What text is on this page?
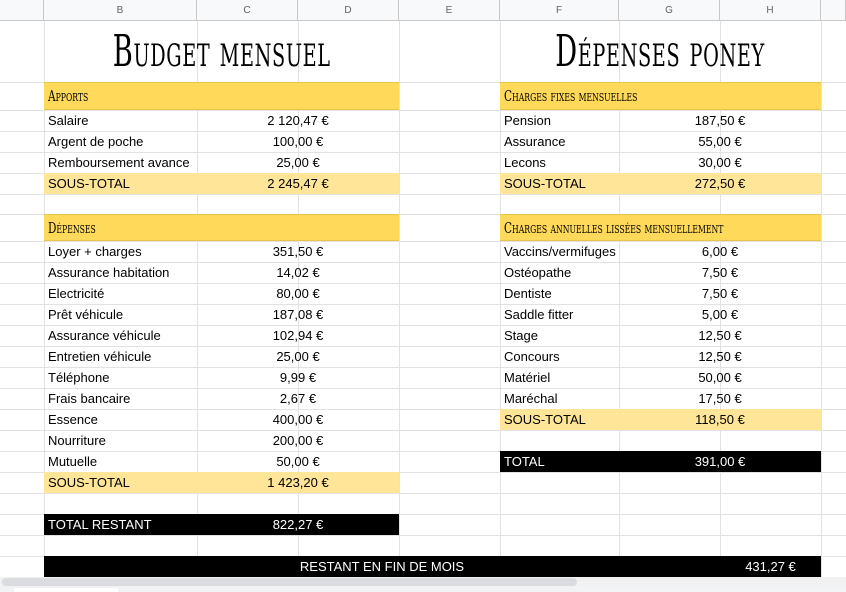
B	C	D	E	F	G	H
Budget mensuel
Apports
Salaire	2 120,47 €
Argent de poche	100,00 €
Remboursement avance	25,00 €
SOUS-TOTAL	2 245,47 €
Dépenses
Loyer + charges	351,50 €
Assurance habitation	14,02 €
Electricité	80,00 €
Prêt véhicule	187,08 €
Assurance véhicule	102,94 €
Entretien véhicule	25,00 €
Téléphone	9,99 €
Frais bancaire	2,67 €
Essence	400,00 €
Nourriture	200,00 €
Mutuelle	50,00 €
SOUS-TOTAL	1 423,20 €
TOTAL RESTANT	822,27 €
Dépenses poney
Charges fixes mensuelles
Pension	187,50 €
Assurance	55,00 €
Lecons	30,00 €
SOUS-TOTAL	272,50 €
Charges annuelles lissées mensuellement
Vaccins/vermifuges	6,00 €
Ostéopathe	7,50 €
Dentiste	7,50 €
Saddle fitter	5,00 €
Stage	12,50 €
Concours	12,50 €
Matériel	50,00 €
Maréchal	17,50 €
SOUS-TOTAL	118,50 €
TOTAL	391,00 €
RESTANT EN FIN DE MOIS	431,27 €
